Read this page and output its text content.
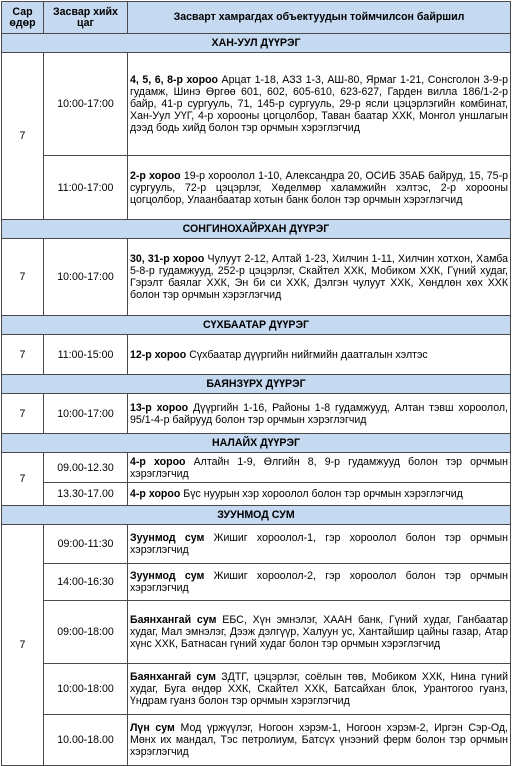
Сар өдөр	Засвар хийх цаг	Засварт хамрагдах объектуудын тоймчилсон байршил
ХАН-УУЛ ДҮҮРЭГ		
7	10:00-17:00	4, 5, 6, 8-р хороо Арцат 1-18, АЗЗ 1-3, АШ-80, Ярмаг 1-21, Сонсголон 3-9-р гудамж, Шинэ Өргөө 601, 602, 605-610, 623-627, Гарден вилла 186/1-2-р байр, 41-р сургууль, 71, 145-р сургууль, 29-р ясли цэцэрлэгийн комбинат, Хан-Уул УҮГ, 4-р хорооны цогцолбор, Таван баатар ХХК, Монгол уншлагын дээд бодь хийд болон тэр орчмын хэрэглэгчид
	11:00-17:00	2-р хороо 19-р хороолол 1-10, Александра 20, ОСИБ 35АБ байруд, 15, 75-р сургууль, 72-р цэцэрлэг, Хөделмөр халамжийн хэлтэс, 2-р хорооны цогцолбор, Улаанбаатар хотын банк болон тэр орчмын хэрэглэгчид
СОНГИНОХАЙРХАН ДҮҮРЭГ		
7	10:00-17:00	30, 31-р хороо Чулуут 2-12, Алтай 1-23, Хилчин 1-11, Хилчин хотхон, Хамба 5-8-р гудамжууд, 252-р цэцэрлэг, Скайтел ХХК, Мобиком ХХК, Гүний худаг, Гэрэлт баялаг ХХК, Эн би си ХХК, Дэлгэн чулуут ХХК, Хөндлөн хөх ХХК болон тэр орчмын хэрэглэгчид
СҮХБААТАР ДҮҮРЭГ		
7	11:00-15:00	12-р хороо Сүхбаатар дүүргийн нийгмийн даатгалын хэлтэс
БАЯНЗҮРХ ДҮҮРЭГ		
7	10:00-17:00	13-р хороо Дүүргийн 1-16, Районы 1-8 гудамжууд, Алтан тэвш хороолол, 95/1-4-р байрууд болон тэр орчмын хэрэглэгчид
НАЛАЙХ ДҮҮРЭГ		
7	09.00-12.30	4-р хороо Алтайн 1-9, Өлгийн 8, 9-р гудамжууд болон тэр орчмын хэрэглэгчид
	13.30-17.00	4-р хороо Бүс нуурын хэр хороолол болон тэр орчмын хэрэглэгчид
ЗУУНМОД СУМ		
7	09:00-11:30	Зуунмод сум Жишиг хороолол-1, гэр хороолол болон тэр орчмын хэрэглэгчид
	14:00-16:30	Зуунмод сум Жишиг хороолол-2, гэр хороолол болон тэр орчмын хэрэглэгчид
	09:00-18:00	Баянхангай сум ЕБС, Хүн эмнэлэг, ХААН банк, Гүний худаг, Ганбаатар худаг, Мал эмнэлэг, Дээж дэлгүүр, Халуун ус, Хантайшир цайны газар, Атар хүнс ХХК, Батнасан гүний худаг болон тэр орчмын хэрэглэгчид
	10:00-18:00	Баянхангай сум ЗДТГ, цэцэрлэг, соёлын төв, Мобиком ХХК, Нина гүний худаг, Буга өндөр ХХК, Скайтел ХХК, Батсайхан блок, Урантогоо гуанз, Үндрам гуанз болон тэр орчмын хэрэглэгчид
	10.00-18.00	Лүн сум Мод үржүүлэг, Ногоон хэрэм-1, Ногоон хэрэм-2, Иргэн Сэр-Од, Мөнх их мандал, Тэс петролиум, Батсүх үнээний ферм болон тэр орчмын хэрэглэгчид
